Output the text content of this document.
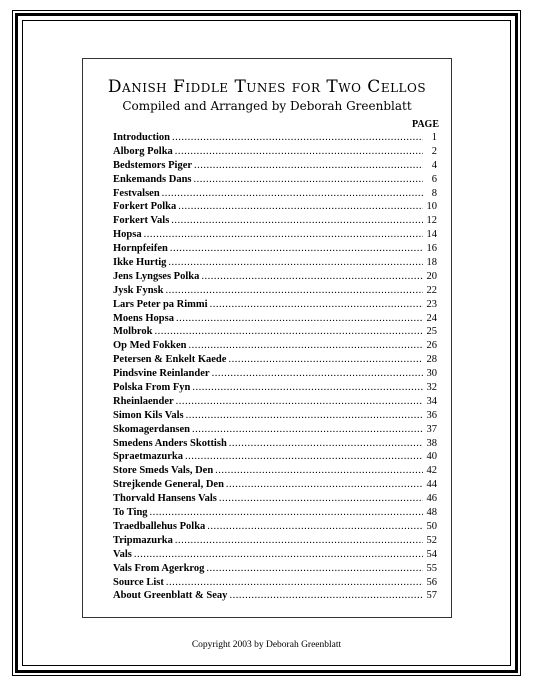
Danish Fiddle Tunes for Two Cellos
Compiled and Arranged by Deborah Greenblatt
PAGE
Introduction .....	1
Alborg Polka .....	2
Bedstemors Piger .....	4
Enkemands Dans .....	6
Festvalsen .....	8
Forkert Polka .....	10
Forkert Vals .....	12
Hopsa .....	14
Hornpfeifen .....	16
Ikke Hurtig .....	18
Jens Lyngses Polka .....	20
Jysk Fynsk .....	22
Lars Peter pa Rimmi .....	23
Moens Hopsa .....	24
Molbrok .....	25
Op Med Fokken .....	26
Petersen & Enkelt Kaede .....	28
Pindsvine Reinlander .....	30
Polska From Fyn .....	32
Rheinlaender .....	34
Simon Kils Vals .....	36
Skomagerdansen .....	37
Smedens Anders Skottish .....	38
Spraetmazurka .....	40
Store Smeds Vals, Den .....	42
Strejkende General, Den .....	44
Thorvald Hansens Vals .....	46
To Ting .....	48
Traedballehus Polka .....	50
Tripmazurka .....	52
Vals .....	54
Vals From Agerkrog .....	55
Source List .....	56
About Greenblatt & Seay .....	57
Copyright 2003 by Deborah Greenblatt
